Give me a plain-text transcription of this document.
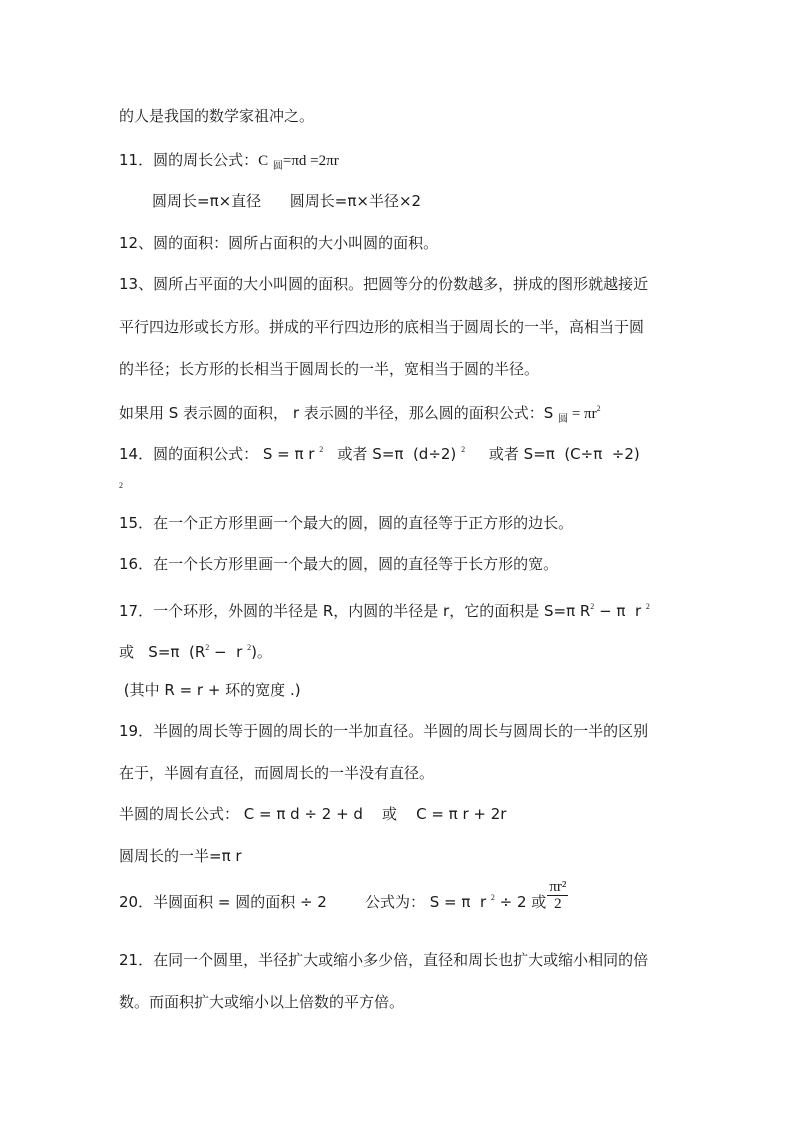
的人是我国的数学家祖冲之。
11．圆的周长公式：C $_圆$=πd =2πr
圆周长=π×直径      圆周长=π×半径×2
12、圆的面积：圆所占面积的大小叫圆的面积。
13、圆所占平面的大小叫圆的面积。把圆等分的份数越多，拼成的图形就越接近
平行四边形或长方形。拼成的平行四边形的底相当于圆周长的一半，高相当于圆
的半径；长方形的长相当于圆周长的一半，宽相当于圆的半径。
如果用 S 表示圆的面积， r 表示圆的半径，那么圆的面积公式：S $_圆 = \pi r^2$
14．圆的面积公式： S = π r $^2$   或者 S=π  (d÷2) $^2$     或者 S=π  (C÷π  ÷2)
2
15．在一个正方形里画一个最大的圆，圆的直径等于正方形的边长。
16．在一个长方形里画一个最大的圆，圆的直径等于长方形的宽。
17．一个环形，外圆的半径是 R，内圆的半径是 r，它的面积是 S=π $R^2 - \pi$  r $^2$
或   S=π  ($R^2 - r$ $^2$)。
(其中 R = r + 环的宽度 .)
19．半圆的周长等于圆的周长的一半加直径。半圆的周长与圆周长的一半的区别
在于，半圆有直径，而圆周长的一半没有直径。
半圆的周长公式： C = π d ÷ 2 + d    或    C = π r + 2r
圆周长的一半=π r
20．半圆面积 = 圆的面积 ÷ 2        公式为： S = π  r $^2$ ÷ 2 或 $\frac{\text{πr²}}{2}$
21．在同一个圆里，半径扩大或缩小多少倍，直径和周长也扩大或缩小相同的倍
数。而面积扩大或缩小以上倍数的平方倍。
